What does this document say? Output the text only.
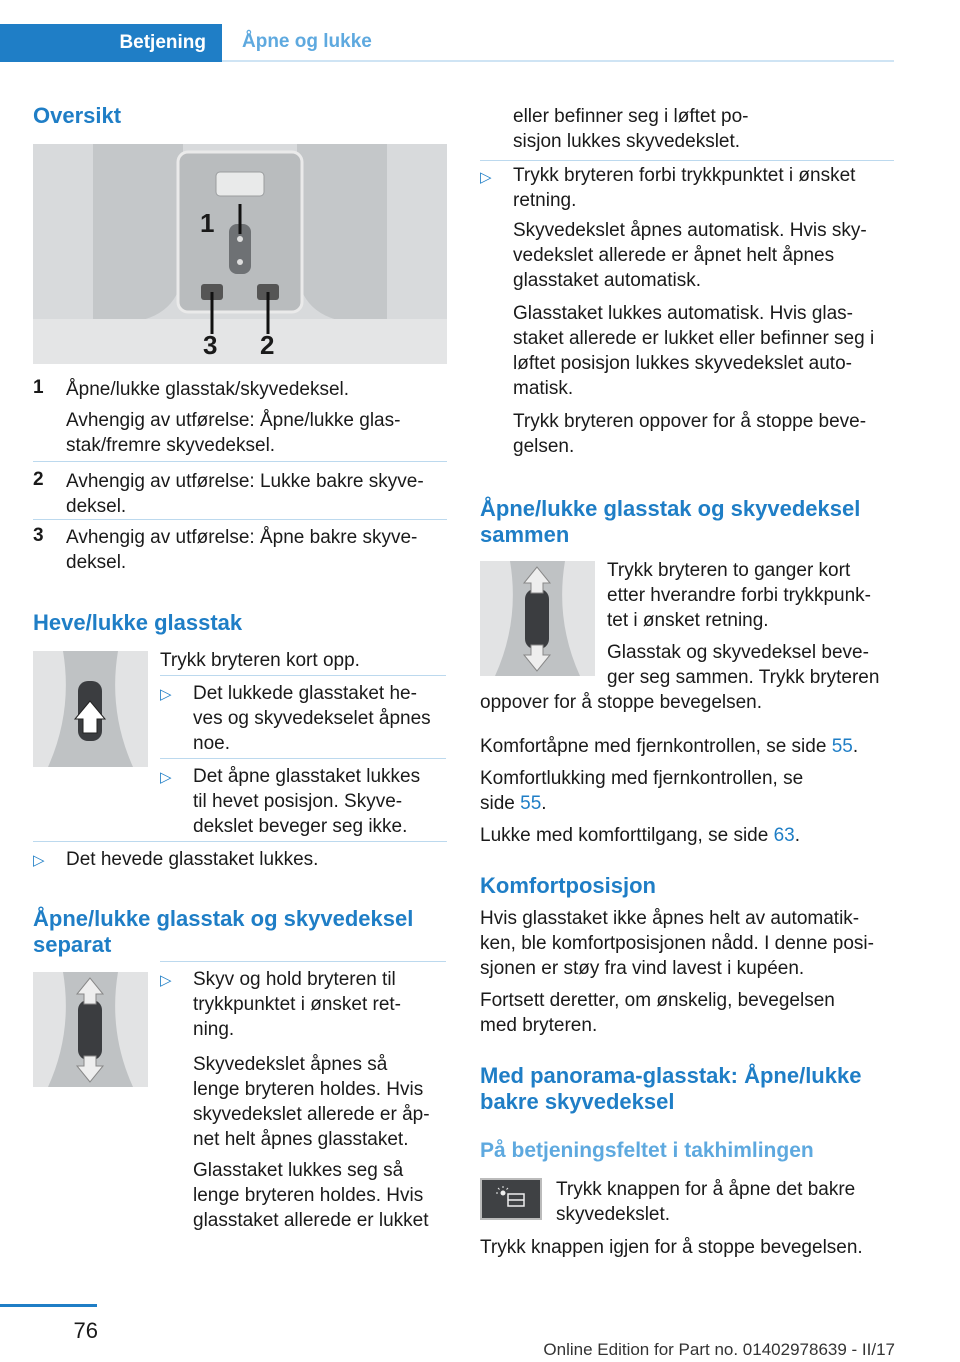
Betjening	Åpne og lukke
Oversikt
1
3 2
1 Åpne/lukke glasstak/skyvedeksel.
Avhengig av utførelse: Åpne/lukke glas-
stak/fremre skyvedeksel.
2 Avhengig av utførelse: Lukke bakre skyve-
deksel.
3 Avhengig av utførelse: Åpne bakre skyve-
deksel.
Heve/lukke glasstak
Trykk bryteren kort opp.
▷ Det lukkede glasstaket he-
ves og skyvedekselet åpnes
noe.
▷ Det åpne glasstaket lukkes
til hevet posisjon. Skyve-
dekslet beveger seg ikke.
▷ Det hevede glasstaket lukkes.
Åpne/lukke glasstak og skyvedeksel
separat
▷ Skyv og hold bryteren til
trykkpunktet i ønsket ret-
ning.
Skyvedekslet åpnes så
lenge bryteren holdes. Hvis
skyvedekslet allerede er åp-
net helt åpnes glasstaket.
Glasstaket lukkes seg så
lenge bryteren holdes. Hvis
glasstaket allerede er lukket
eller befinner seg i løftet po-
sisjon lukkes skyvedekslet.
▷ Trykk bryteren forbi trykkpunktet i ønsket
retning.
Skyvedekslet åpnes automatisk. Hvis sky-
vedekslet allerede er åpnet helt åpnes
glasstaket automatisk.
Glasstaket lukkes automatisk. Hvis glas-
staket allerede er lukket eller befinner seg i
løftet posisjon lukkes skyvedekslet auto-
matisk.
Trykk bryteren oppover for å stoppe beve-
gelsen.
Åpne/lukke glasstak og skyvedeksel
sammen
Trykk bryteren to ganger kort
etter hverandre forbi trykkpunk-
tet i ønsket retning.
Glasstak og skyvedeksel beve-
ger seg sammen. Trykk bryteren
oppover for å stoppe bevegelsen.
Komfortåpne med fjernkontrollen, se side 55.
Komfortlukking med fjernkontrollen, se
side 55.
Lukke med komforttilgang, se side 63.
Komfortposisjon
Hvis glasstaket ikke åpnes helt av automatik-
ken, ble komfortposisjonen nådd. I denne posi-
sjonen er støy fra vind lavest i kupéen.
Fortsett deretter, om ønskelig, bevegelsen
med bryteren.
Med panorama-glasstak: Åpne/lukke
bakre skyvedeksel
På betjeningsfeltet i takhimlingen
Trykk knappen for å åpne det bakre
skyvedekslet.
Trykk knappen igjen for å stoppe bevegelsen.
76
Online Edition for Part no. 01402978639 - II/17
